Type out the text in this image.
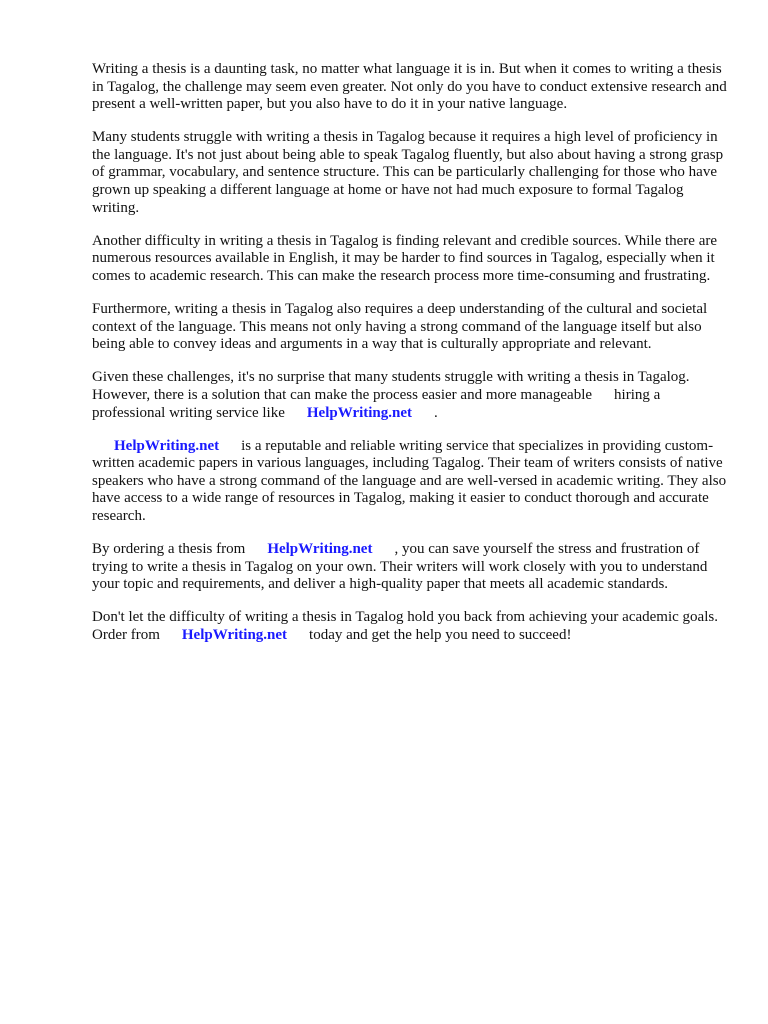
Writing a thesis is a daunting task, no matter what language it is in. But when it comes to writing a thesis in Tagalog, the challenge may seem even greater. Not only do you have to conduct extensive research and present a well-written paper, but you also have to do it in your native language.

Many students struggle with writing a thesis in Tagalog because it requires a high level of proficiency in the language. It's not just about being able to speak Tagalog fluently, but also about having a strong grasp of grammar, vocabulary, and sentence structure. This can be particularly challenging for those who have grown up speaking a different language at home or have not had much exposure to formal Tagalog writing.

Another difficulty in writing a thesis in Tagalog is finding relevant and credible sources. While there are numerous resources available in English, it may be harder to find sources in Tagalog, especially when it comes to academic research. This can make the research process more time-consuming and frustrating.

Furthermore, writing a thesis in Tagalog also requires a deep understanding of the cultural and societal context of the language. This means not only having a strong command of the language itself but also being able to convey ideas and arguments in a way that is culturally appropriate and relevant.

Given these challenges, it's no surprise that many students struggle with writing a thesis in Tagalog. However, there is a solution that can make the process easier and more manageable hiring a professional writing service like HelpWriting.net .

HelpWriting.net is a reputable and reliable writing service that specializes in providing custom-written academic papers in various languages, including Tagalog. Their team of writers consists of native speakers who have a strong command of the language and are well-versed in academic writing. They also have access to a wide range of resources in Tagalog, making it easier to conduct thorough and accurate research.

By ordering a thesis from HelpWriting.net , you can save yourself the stress and frustration of trying to write a thesis in Tagalog on your own. Their writers will work closely with you to understand your topic and requirements, and deliver a high-quality paper that meets all academic standards.

Don't let the difficulty of writing a thesis in Tagalog hold you back from achieving your academic goals. Order from HelpWriting.net today and get the help you need to succeed!
